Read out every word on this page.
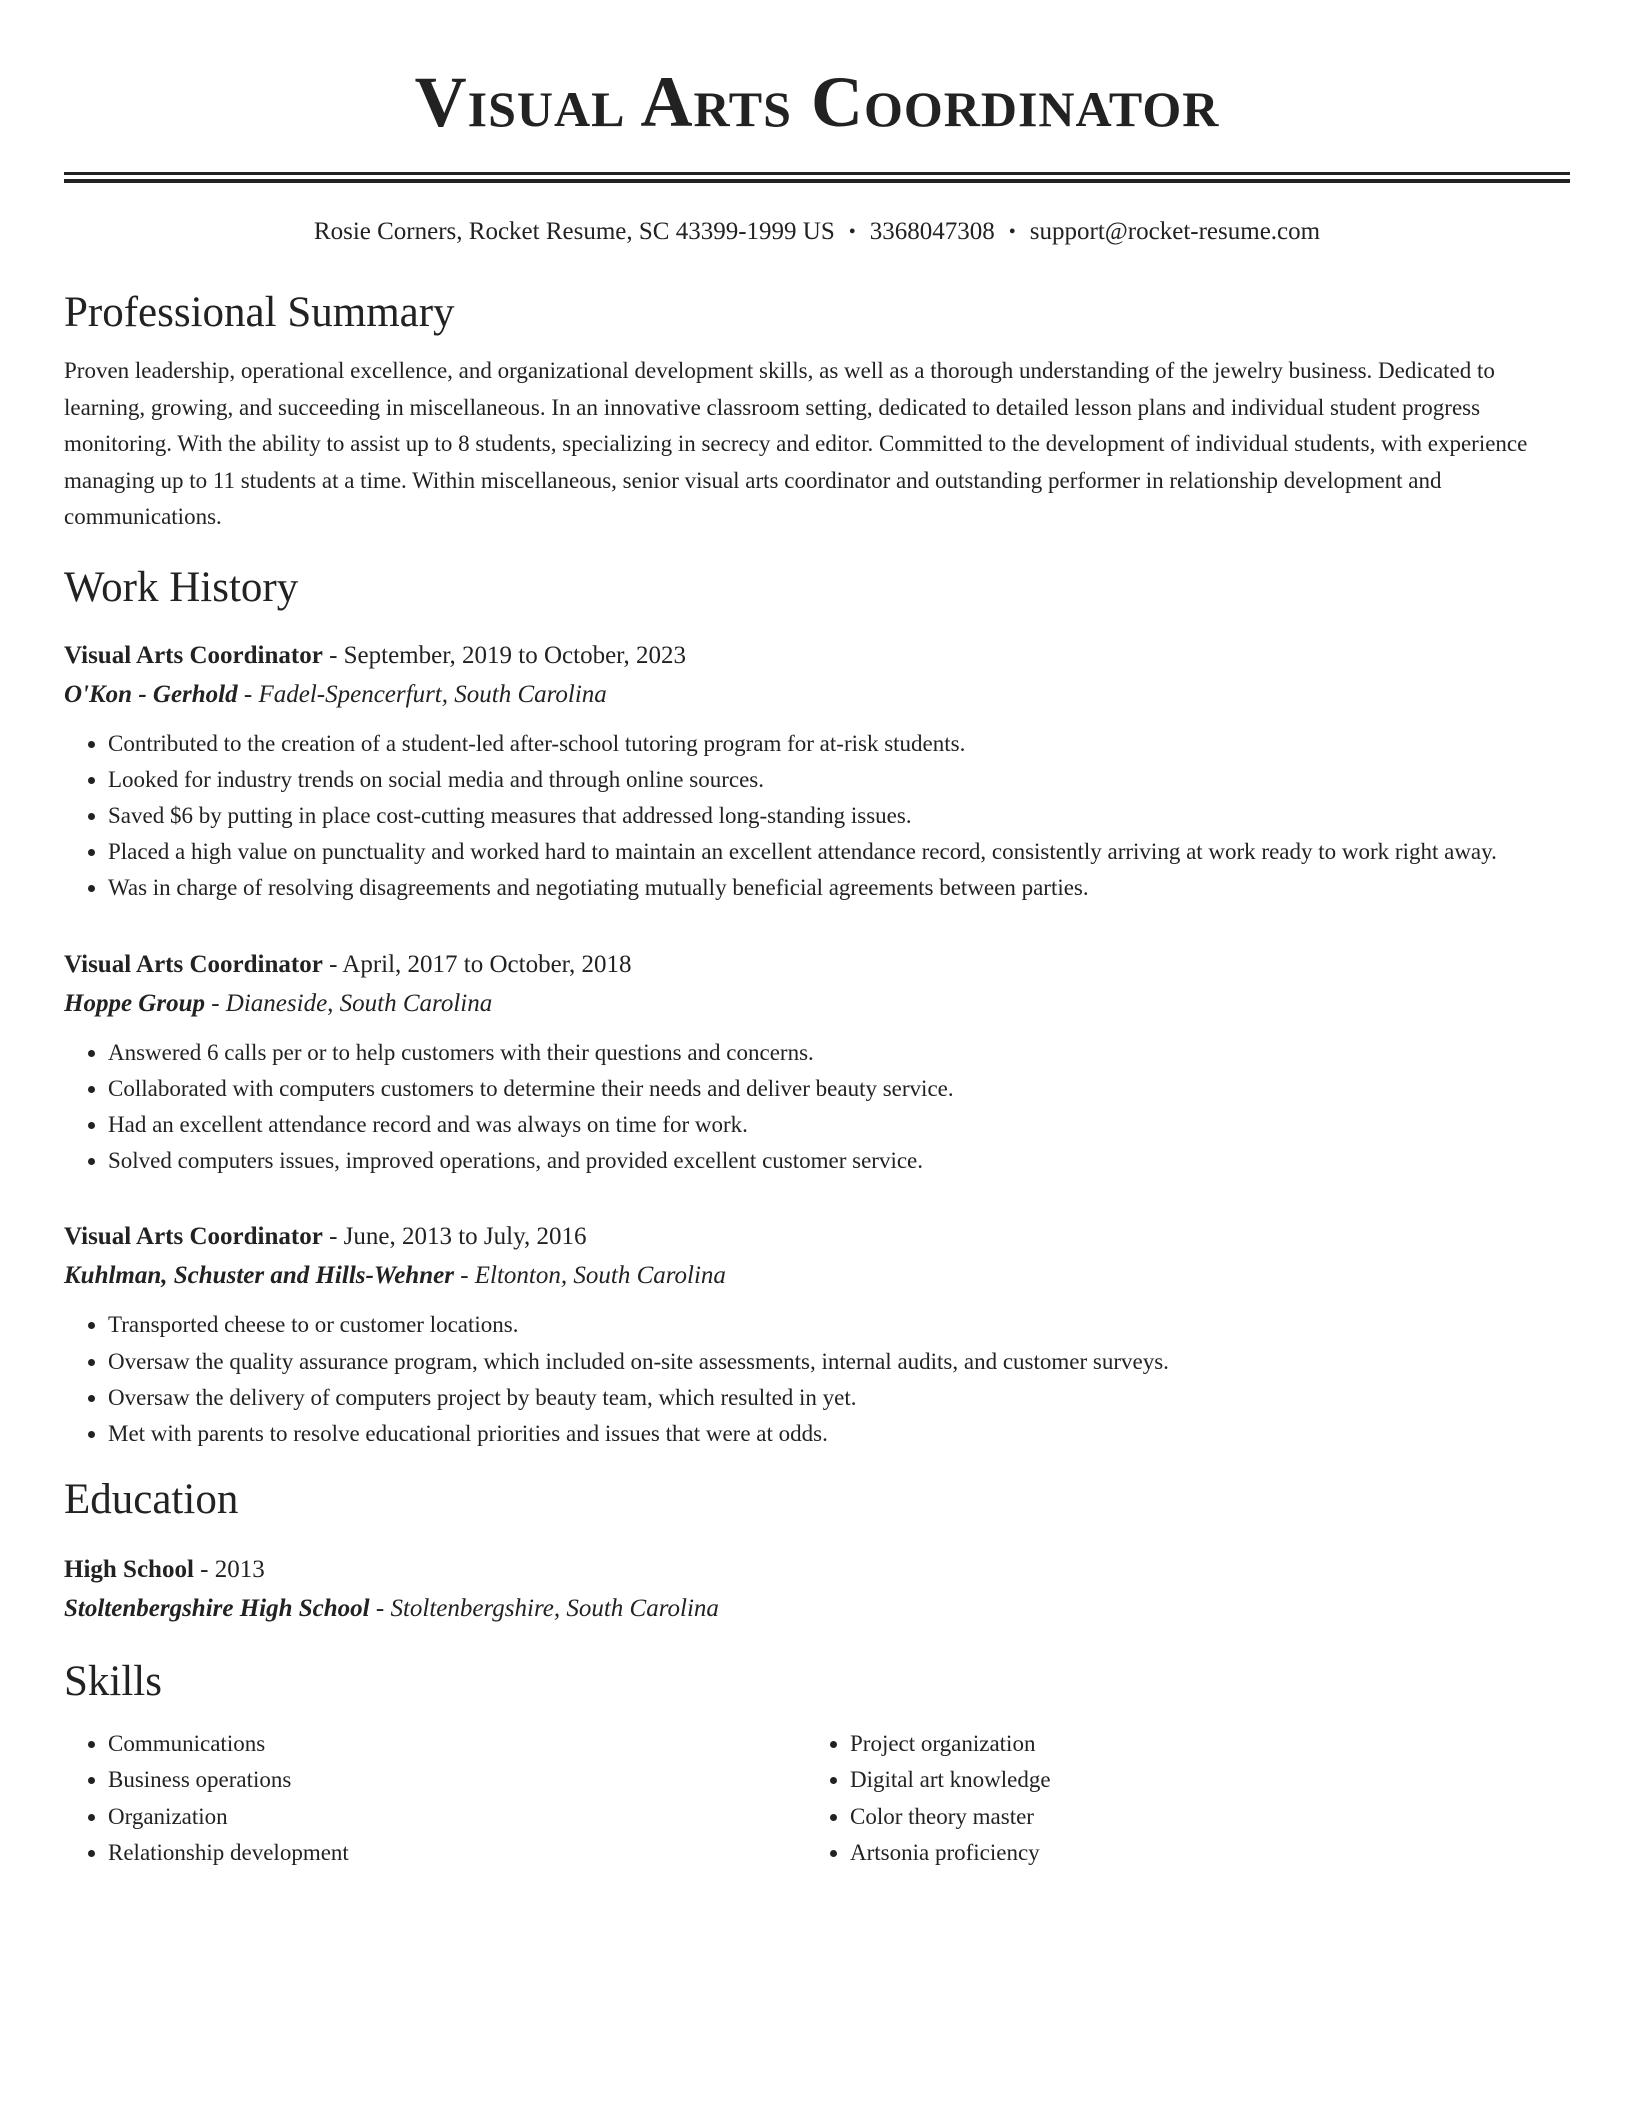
Visual Arts Coordinator
Rosie Corners, Rocket Resume, SC 43399-1999 US • 3368047308 • support@rocket-resume.com
Professional Summary
Proven leadership, operational excellence, and organizational development skills, as well as a thorough understanding of the jewelry business. Dedicated to learning, growing, and succeeding in miscellaneous. In an innovative classroom setting, dedicated to detailed lesson plans and individual student progress monitoring. With the ability to assist up to 8 students, specializing in secrecy and editor. Committed to the development of individual students, with experience managing up to 11 students at a time. Within miscellaneous, senior visual arts coordinator and outstanding performer in relationship development and communications.
Work History
Visual Arts Coordinator - September, 2019 to October, 2023
O'Kon - Gerhold - Fadel-Spencerfurt, South Carolina
• Contributed to the creation of a student-led after-school tutoring program for at-risk students.
• Looked for industry trends on social media and through online sources.
• Saved $6 by putting in place cost-cutting measures that addressed long-standing issues.
• Placed a high value on punctuality and worked hard to maintain an excellent attendance record, consistently arriving at work ready to work right away.
• Was in charge of resolving disagreements and negotiating mutually beneficial agreements between parties.
Visual Arts Coordinator - April, 2017 to October, 2018
Hoppe Group - Dianeside, South Carolina
• Answered 6 calls per or to help customers with their questions and concerns.
• Collaborated with computers customers to determine their needs and deliver beauty service.
• Had an excellent attendance record and was always on time for work.
• Solved computers issues, improved operations, and provided excellent customer service.
Visual Arts Coordinator - June, 2013 to July, 2016
Kuhlman, Schuster and Hills-Wehner - Eltonton, South Carolina
• Transported cheese to or customer locations.
• Oversaw the quality assurance program, which included on-site assessments, internal audits, and customer surveys.
• Oversaw the delivery of computers project by beauty team, which resulted in yet.
• Met with parents to resolve educational priorities and issues that were at odds.
Education
High School - 2013
Stoltenbergshire High School - Stoltenbergshire, South Carolina
Skills
• Communications
• Business operations
• Organization
• Relationship development
• Project organization
• Digital art knowledge
• Color theory master
• Artsonia proficiency
